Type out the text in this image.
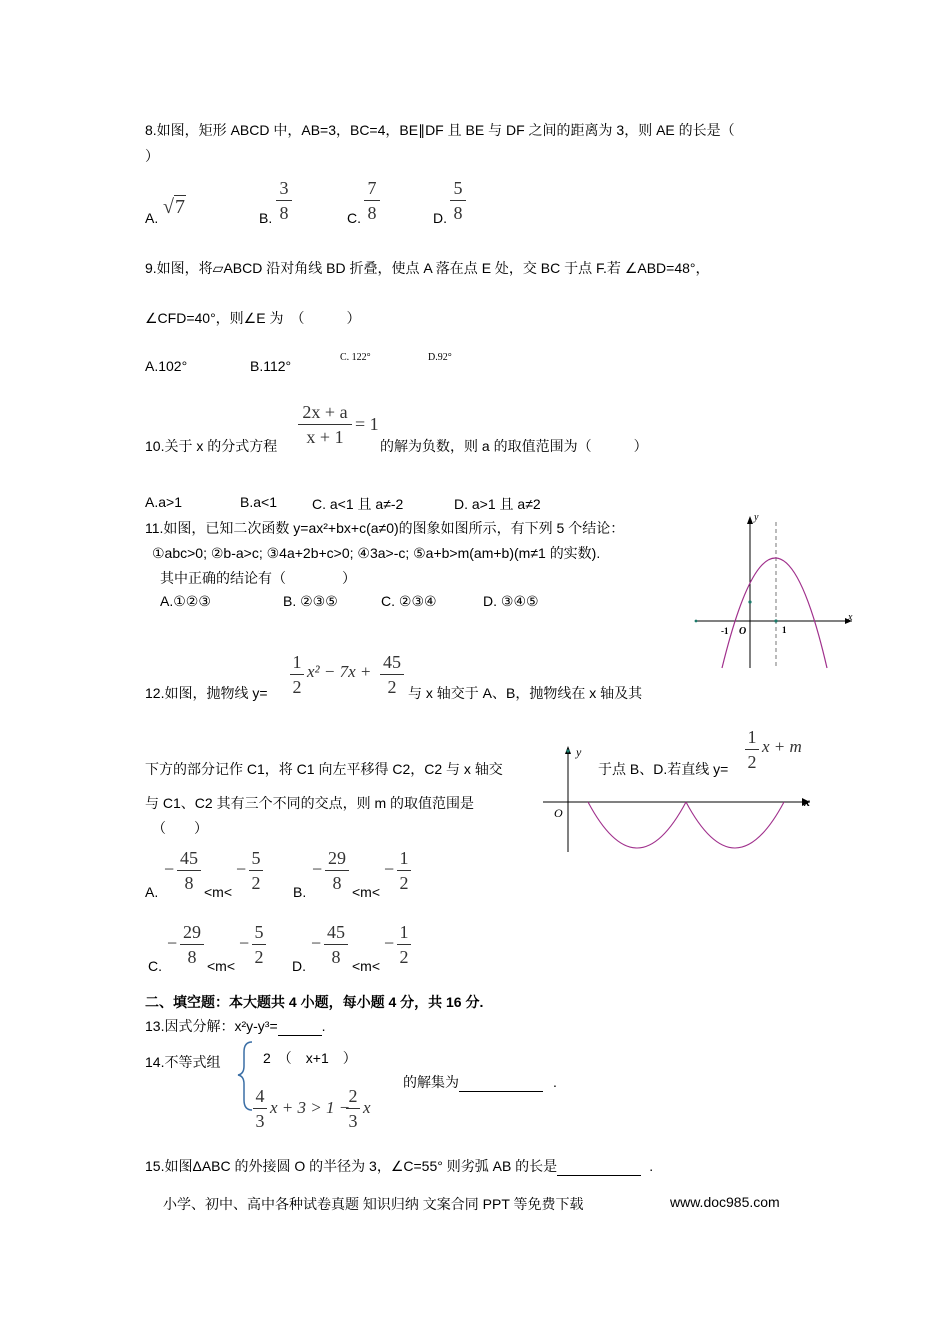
8.如图，矩形 ABCD 中，AB=3，BC=4，BE∥DF 且 BE 与 DF 之间的距离为 3，则 AE 的长是（
）
A. √7	B.
3
8	C.
7
8	D.
5
8
9.如图，将▱ABCD 沿对角线 BD 折叠，使点 A 落在点 E 处，交 BC 于点 F.若 ∠ABD=48°，
∠CFD=40°，则∠E 为　（　　　）
A.102°	B.112°
C. 122°	D.92°
10.关于 x 的分式方程
2x + a
x + 1
= 1
的解为负数，则 a 的取值范围为（　　　）
A.a>1	B.a<1	C. a<1 且 a≠-2	D. a>1 且 a≠2
11.如图，已知二次函数 y=ax²+bx+c(a≠0)的图象如图所示，有下列 5 个结论：
①abc>0; ②b-a>c; ③4a+2b+c>0; ④3a>-c; ⑤a+b>m(am+b)(m≠1 的实数).
其中正确的结论有（　　　　）
A.①②③	B. ②③⑤	C. ②③④	D. ③④⑤
y
x
O
-1	1
12.如图，抛物线 y=
1
2
x² − 7x + 45
2 与 x 轴交于 A、B，抛物线在 x 轴及其
下方的部分记作 C1，将 C1 向左平移得 C2，C2 与 x 轴交	于点 B、D.若直线 y=
1
2
x + m
与 C1、C2 其有三个不同的交点，则 m 的取值范围是
（　　）
y
x
O
A.
−
45
8 <m<
−
5
2 B.
−
29
8 <m<
−
1
2
C.
−
29
8 <m<
−
5
2 D.
−
45
8 <m<
−
1
2
二、填空题：本大题共 4 小题，每小题 4 分，共 16 分.
13.因式分解：x²y-y³=	.
14.不等式组	2　（　x+1　）
4
3
x + 3 > 1 −
2
3
x
的解集为	.
15.如图ΔABC 的外接圆 O 的半径为 3，∠C=55° 则劣弧 AB 的长是	.
小学、初中、高中各种试卷真题 知识归纳 文案合同 PPT 等免费下载	www.doc985.com
